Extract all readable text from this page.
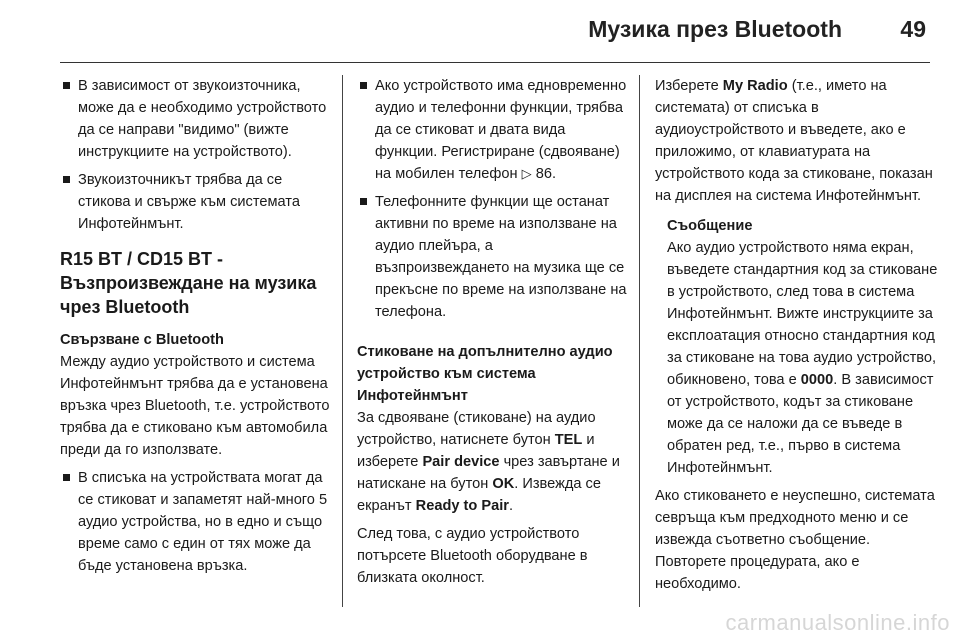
Музика през Bluetooth	49
В зависимост от звукоизточника, може да е необходимо устройството да се направи "видимо" (вижте инструкциите на устройството).
Звукоизточникът трябва да се стикова и свърже към системата Инфотейнмънт.
R15 BT / CD15 BT - Възпроизвеждане на музика чрез Bluetooth
Свързване с Bluetooth

Между аудио устройството и система Инфотейнмънт трябва да е установена връзка чрез Bluetooth, т.е. устройството трябва да е стиковано към автомобила преди да го използвате.

В списъка на устройствата могат да се стиковат и запаметят най-много 5 аудио устройства, но в едно и също време само с един от тях може да бъде установена връзка.
Ако устройството има едновременно аудио и телефонни функции, трябва да се стиковат и двата вида функции. Регистриране (сдвояване) на мобилен телефон ▷ 86.
Телефонните функции ще останат активни по време на използване на аудио плейъра, а възпроизвеждането на музика ще се прекъсне по време на използване на телефона.
Стиковане на допълнително аудио устройство към система Инфотейнмънт

За сдвояване (стиковане) на аудио устройство, натиснете бутон TEL и изберете Pair device чрез завъртане и натискане на бутон OK. Извежда се екранът Ready to Pair.

След това, с аудио устройството потърсете Bluetooth оборудване в близката околност.

Изберете My Radio (т.е., името на системата) от списъка в аудиоустройството и въведете, ако е приложимо, от клавиатурата на устройството кода за стиковане, показан на дисплея на система Инфотейнмънт.

Съобщение
Ако аудио устройството няма екран, въведете стандартния код за стиковане в устройството, след това в система Инфотейнмънт. Вижте инструкциите за експлоатация относно стандартния код за стиковане на това аудио устройство, обикновено, това е 0000. В зависимост от устройството, кодът за стиковане може да се наложи да се въведе в обратен ред, т.е., първо в система Инфотейнмънт.

Ако стиковането е неуспешно, системата севръща към предходното меню и се извежда съответно съобщение. Повторете процедурата, ако е необходимо.

carmanualsonline.info
